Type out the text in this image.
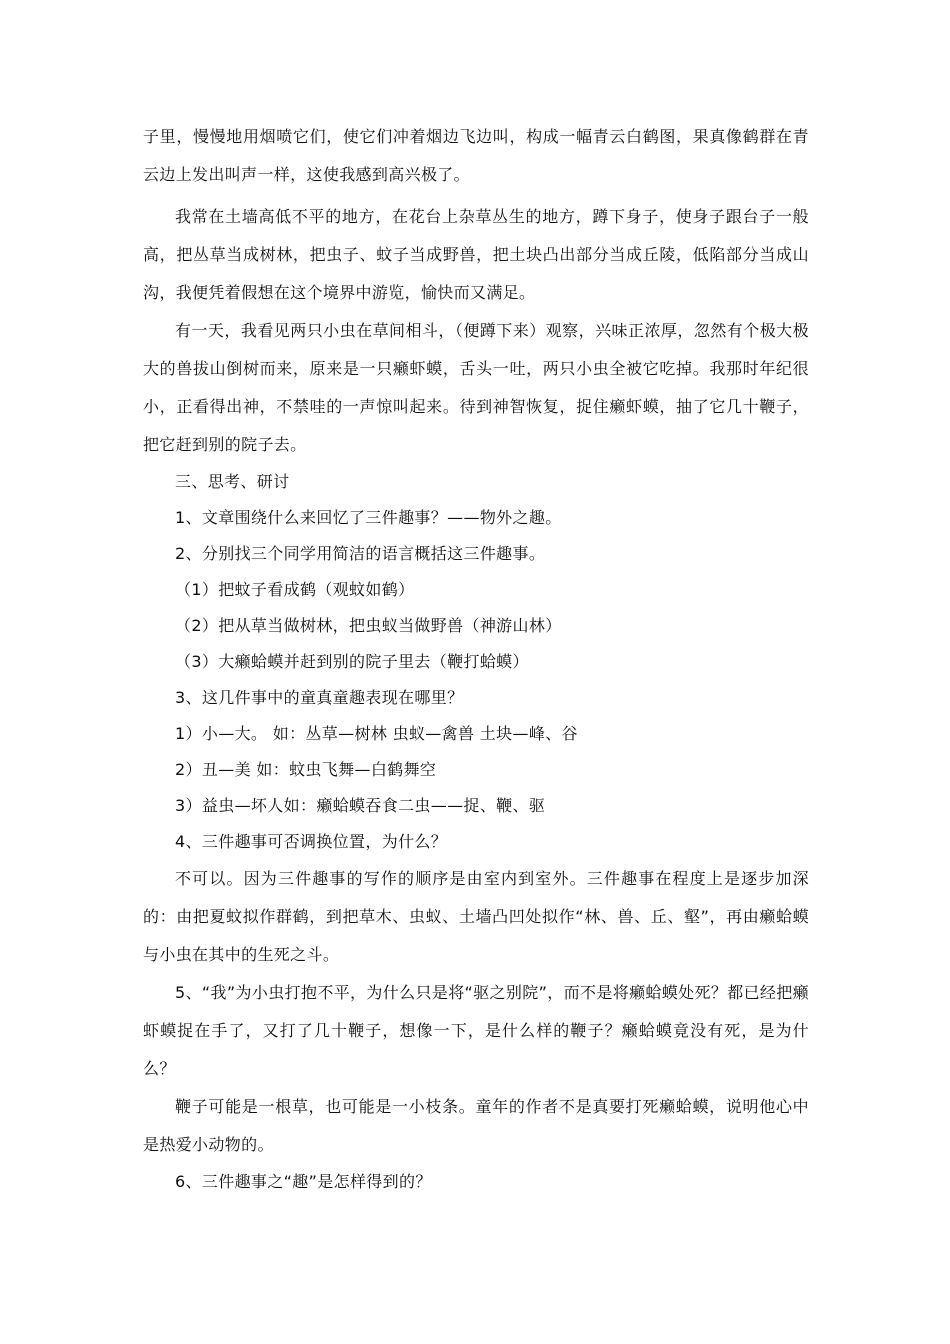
子里，慢慢地用烟喷它们，使它们冲着烟边飞边叫，构成一幅青云白鹤图，果真像鹤群在青云边上发出叫声一样，这使我感到高兴极了。

我常在土墙高低不平的地方，在花台上杂草丛生的地方，蹲下身子，使身子跟台子一般高，把丛草当成树林，把虫子、蚊子当成野兽，把土块凸出部分当成丘陵，低陷部分当成山沟，我便凭着假想在这个境界中游览，愉快而又满足。

有一天，我看见两只小虫在草间相斗，（便蹲下来）观察，兴味正浓厚，忽然有个极大极大的兽拔山倒树而来，原来是一只癞虾蟆，舌头一吐，两只小虫全被它吃掉。我那时年纪很小，正看得出神，不禁哇的一声惊叫起来。待到神智恢复，捉住癞虾蟆，抽了它几十鞭子，把它赶到别的院子去。

三、思考、研讨

1、文章围绕什么来回忆了三件趣事？——物外之趣。

2、分别找三个同学用简洁的语言概括这三件趣事。

（1）把蚊子看成鹤（观蚊如鹤）

（2）把从草当做树林，把虫蚁当做野兽（神游山林）

（3）大癞蛤蟆并赶到别的院子里去（鞭打蛤蟆）

3、这几件事中的童真童趣表现在哪里？

1）小—大。 如：丛草—树林 虫蚁—禽兽 土块—峰、谷

2）丑—美 如：蚊虫飞舞—白鹤舞空

3）益虫—坏人如：癞蛤蟆吞食二虫——捉、鞭、驱

4、三件趣事可否调换位置，为什么？

不可以。因为三件趣事的写作的顺序是由室内到室外。三件趣事在程度上是逐步加深的：由把夏蚊拟作群鹤，到把草木、虫蚁、土墙凸凹处拟作“林、兽、丘、壑”，再由癞蛤蟆与小虫在其中的生死之斗。

5、“我”为小虫打抱不平，为什么只是将“驱之别院”，而不是将癞蛤蟆处死？都已经把癞虾蟆捉在手了，又打了几十鞭子，想像一下，是什么样的鞭子？癞蛤蟆竟没有死，是为什么？

鞭子可能是一根草，也可能是一小枝条。童年的作者不是真要打死癞蛤蟆，说明他心中是热爱小动物的。

6、三件趣事之“趣”是怎样得到的？
